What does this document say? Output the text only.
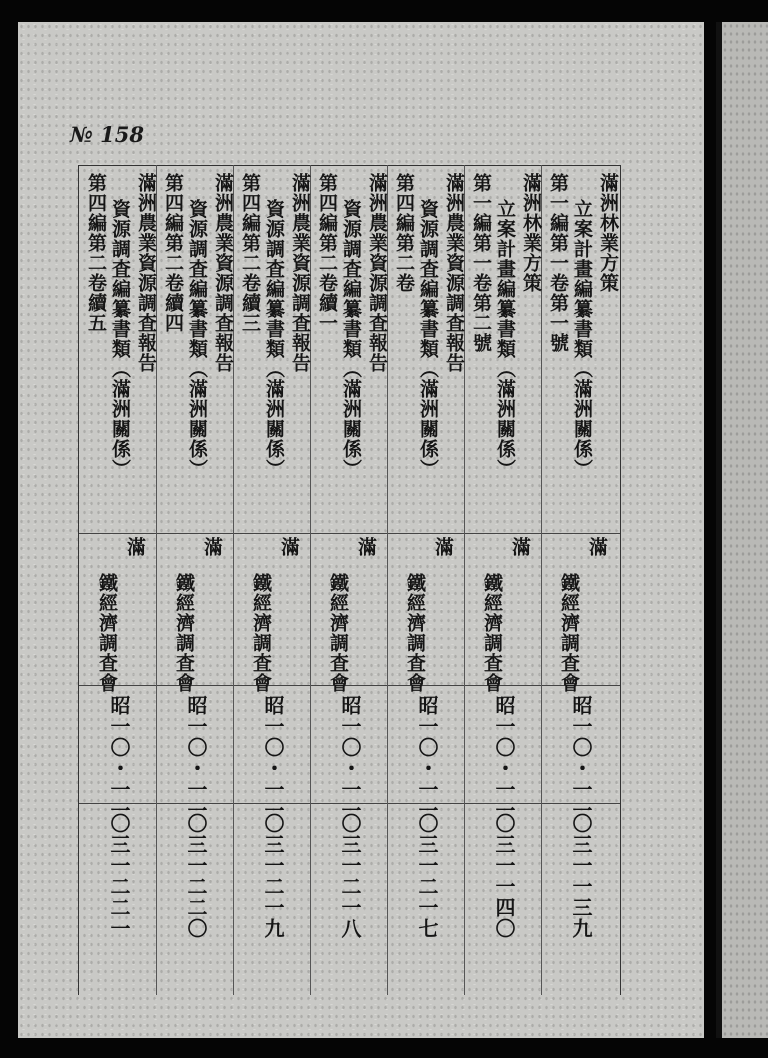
№ 158
滿洲林業方策
立案計畫編纂書類（滿洲關係）
第一編第一卷第一號
滿
鐵經濟調査會
昭一〇・一一
〇三一一三九
滿洲林業方策
立案計畫編纂書類（滿洲關係）
第一編第一卷第二號
滿
鐵經濟調査會
昭一〇・一一
〇三一一四〇
滿洲農業資源調査報告
資源調査編纂書類（滿洲關係）
第四編第二卷
滿
鐵經濟調査會
昭一〇・一一
〇三一二一七
滿洲農業資源調査報告
資源調査編纂書類（滿洲關係）
第四編第二卷續一
滿
鐵經濟調査會
昭一〇・一一
〇三一二一八
滿洲農業資源調査報告
資源調査編纂書類（滿洲關係）
第四編第二卷續三
滿
鐵經濟調査會
昭一〇・一一
〇三一二一九
滿洲農業資源調査報告
資源調査編纂書類（滿洲關係）
第四編第二卷續四
滿
鐵經濟調査會
昭一〇・一一
〇三一二二〇
滿洲農業資源調査報告
資源調査編纂書類（滿洲關係）
第四編第二卷續五
滿
鐵經濟調査會
昭一〇・一一
〇三一二二一
